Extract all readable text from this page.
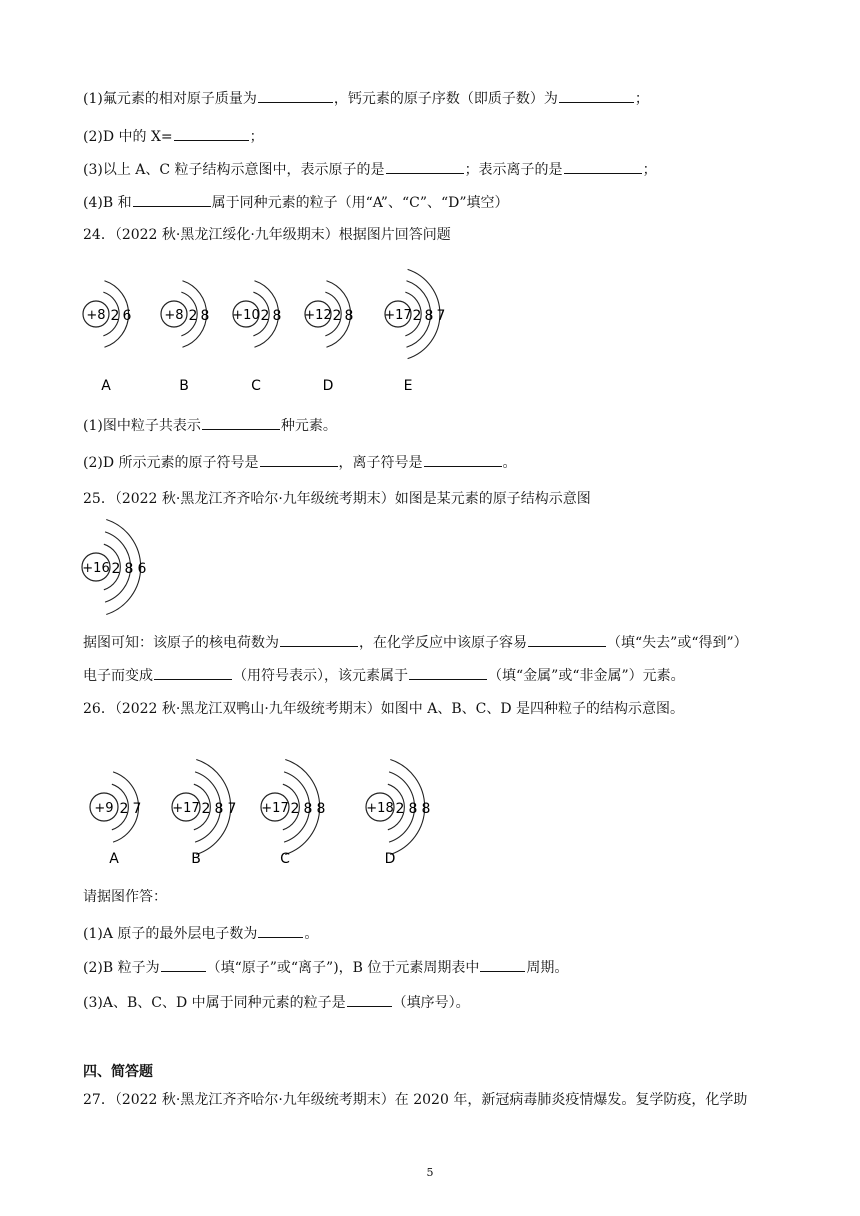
(1)氟元素的相对原子质量为	，钙元素的原子序数（即质子数）为	；
(2)D 中的 X=	；
(3)以上 A、C 粒子结构示意图中，表示原子的是	；表示离子的是	；
(4)B 和	属于同种元素的粒子（用“A”、“C”、“D”填空）
24．（2022 秋·黑龙江绥化·九年级期末）根据图片回答问题
+8 2 6
A
+8 2 8
B
+10 2 8
C
+12 2 8
D
+17 2 8 7
E
(1)图中粒子共表示	种元素。
(2)D 所示元素的原子符号是	，离子符号是	。
25．（2022 秋·黑龙江齐齐哈尔·九年级统考期末）如图是某元素的原子结构示意图
+16 2 8 6
据图可知：该原子的核电荷数为	，在化学反应中该原子容易	（填“失去”或“得到”）
电子而变成	（用符号表示），该元素属于	（填“金属”或“非金属”）元素。
26．（2022 秋·黑龙江双鸭山·九年级统考期末）如图中 A、B、C、D 是四种粒子的结构示意图。
+9 2 7
A
+17 2 8 7
B
+17 2 8 8
C
+18 2 8 8
D
请据图作答：
(1)A 原子的最外层电子数为	。
(2)B 粒子为	（填“原子”或“离子”)，B 位于元素周期表中	周期。
(3)A、B、C、D 中属于同种元素的粒子是	（填序号）。
四、简答题
27．（2022 秋·黑龙江齐齐哈尔·九年级统考期末）在 2020 年，新冠病毒肺炎疫情爆发。复学防疫，化学助
5
